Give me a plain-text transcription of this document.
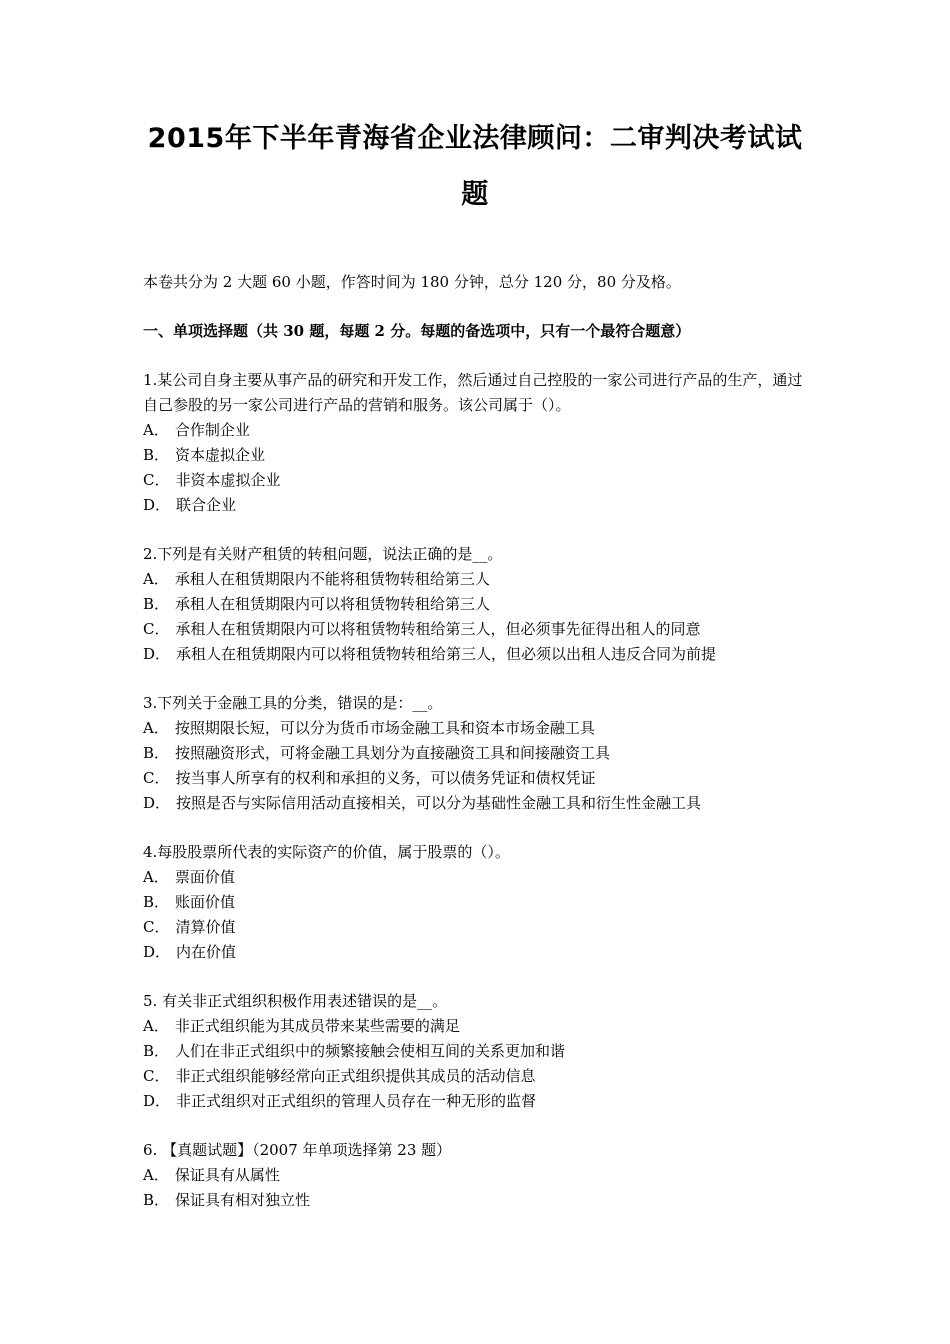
2015年下半年青海省企业法律顾问：二审判决考试试题

本卷共分为 2 大题 60 小题，作答时间为 180 分钟，总分 120 分，80 分及格。

一、单项选择题（共 30 题，每题 2 分。每题的备选项中，只有一个最符合题意）

1.某公司自身主要从事产品的研究和开发工作，然后通过自己控股的一家公司进行产品的生产，通过自己参股的另一家公司进行产品的营销和服务。该公司属于（）。

A． 合作制企业

B． 资本虚拟企业

C． 非资本虚拟企业

D． 联合企业

2.下列是有关财产租赁的转租问题，说法正确的是__。

A． 承租人在租赁期限内不能将租赁物转租给第三人

B． 承租人在租赁期限内可以将租赁物转租给第三人

C． 承租人在租赁期限内可以将租赁物转租给第三人，但必须事先征得出租人的同意

D． 承租人在租赁期限内可以将租赁物转租给第三人，但必须以出租人违反合同为前提

3.下列关于金融工具的分类，错误的是：__。

A． 按照期限长短，可以分为货币市场金融工具和资本市场金融工具

B． 按照融资形式，可将金融工具划分为直接融资工具和间接融资工具

C． 按当事人所享有的权利和承担的义务，可以债务凭证和债权凭证

D． 按照是否与实际信用活动直接相关，可以分为基础性金融工具和衍生性金融工具

4.每股股票所代表的实际资产的价值，属于股票的（）。

A． 票面价值

B． 账面价值

C． 清算价值

D． 内在价值

5. 有关非正式组织积极作用表述错误的是__。

A． 非正式组织能为其成员带来某些需要的满足

B． 人们在非正式组织中的频繁接触会使相互间的关系更加和谐

C． 非正式组织能够经常向正式组织提供其成员的活动信息

D． 非正式组织对正式组织的管理人员存在一种无形的监督

6. 【真题试题】（2007 年单项选择第 23 题）

A． 保证具有从属性

B． 保证具有相对独立性
